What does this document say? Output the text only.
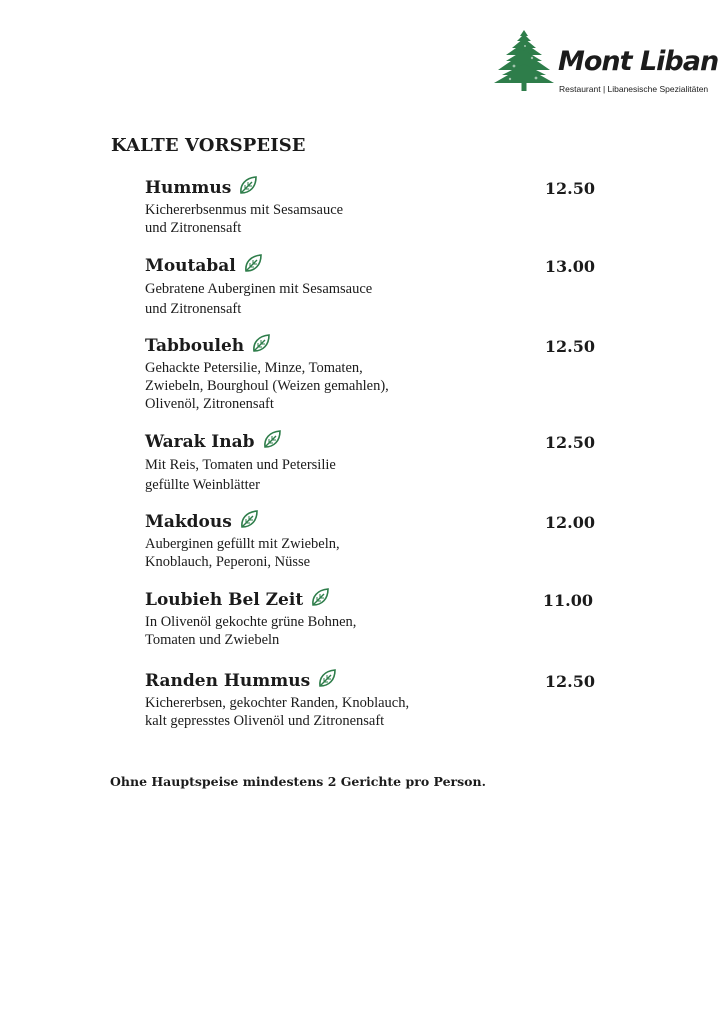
Mont Liban
Restaurant | Libanesische Spezialitäten
KALTE VORSPEISE
Hummus	12.50
Kichererbsenmus mit Sesamsauce
und Zitronensaft
Moutabal	13.00
Gebratene Auberginen mit Sesamsauce
und Zitronensaft
Tabbouleh	12.50
Gehackte Petersilie, Minze, Tomaten,
Zwiebeln, Bourghoul (Weizen gemahlen),
Olivenöl, Zitronensaft
Warak Inab	12.50
Mit Reis, Tomaten und Petersilie
gefüllte Weinblätter
Makdous	12.00
Auberginen gefüllt mit Zwiebeln,
Knoblauch, Peperoni, Nüsse
Loubieh Bel Zeit	11.00
In Olivenöl gekochte grüne Bohnen,
Tomaten und Zwiebeln
Randen Hummus	12.50
Kichererbsen, gekochter Randen, Knoblauch,
kalt gepresstes Olivenöl und Zitronensaft
Ohne Hauptspeise mindestens 2 Gerichte pro Person.
